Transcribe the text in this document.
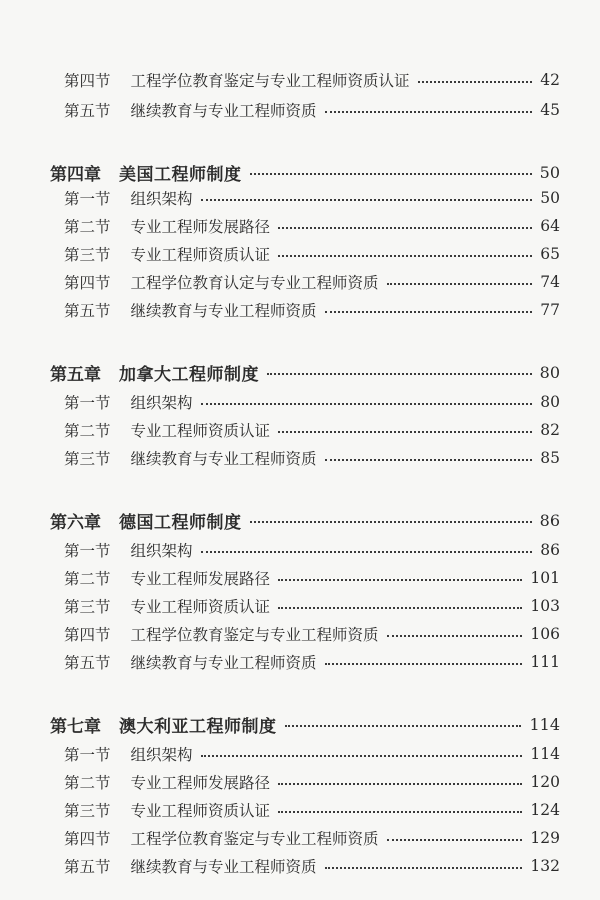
第四节 工程学位教育鉴定与专业工程师资质认证	42
第五节 继续教育与专业工程师资质	45
第四章 美国工程师制度	50
第一节 组织架构	50
第二节 专业工程师发展路径	64
第三节 专业工程师资质认证	65
第四节 工程学位教育认定与专业工程师资质	74
第五节 继续教育与专业工程师资质	77
第五章 加拿大工程师制度	80
第一节 组织架构	80
第二节 专业工程师资质认证	82
第三节 继续教育与专业工程师资质	85
第六章 德国工程师制度	86
第一节 组织架构	86
第二节 专业工程师发展路径	101
第三节 专业工程师资质认证	103
第四节 工程学位教育鉴定与专业工程师资质	106
第五节 继续教育与专业工程师资质	111
第七章 澳大利亚工程师制度	114
第一节 组织架构	114
第二节 专业工程师发展路径	120
第三节 专业工程师资质认证	124
第四节 工程学位教育鉴定与专业工程师资质	129
第五节 继续教育与专业工程师资质	132
